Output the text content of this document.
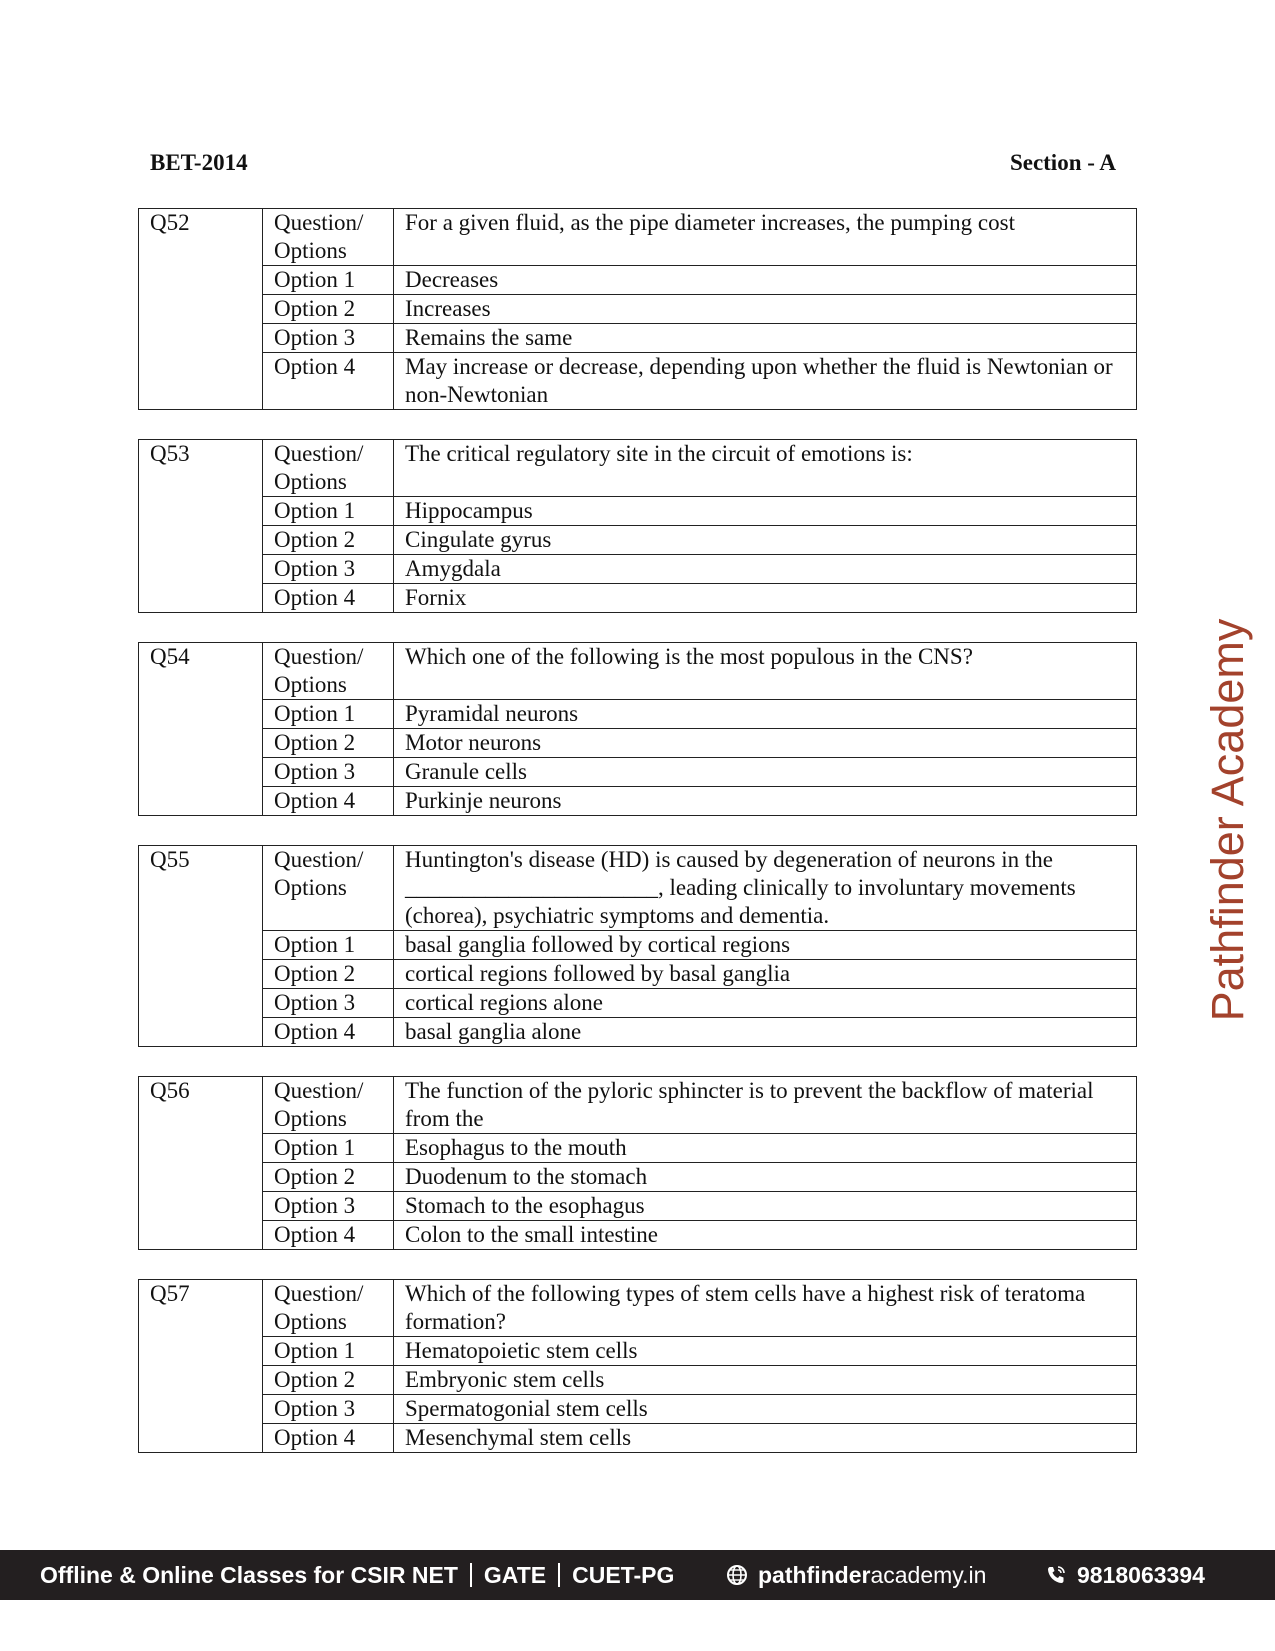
BET-2014	Section - A
Q52	Question/ Options	For a given fluid, as the pipe diameter increases, the pumping cost
	Option 1	Decreases
	Option 2	Increases
	Option 3	Remains the same
	Option 4	May increase or decrease, depending upon whether the fluid is Newtonian or non-Newtonian
Q53	Question/ Options	The critical regulatory site in the circuit of emotions is:
	Option 1	Hippocampus
	Option 2	Cingulate gyrus
	Option 3	Amygdala
	Option 4	Fornix
Q54	Question/ Options	Which one of the following is the most populous in the CNS?
	Option 1	Pyramidal neurons
	Option 2	Motor neurons
	Option 3	Granule cells
	Option 4	Purkinje neurons
Q55	Question/ Options	Huntington's disease (HD) is caused by degeneration of neurons in the ______________________, leading clinically to involuntary movements (chorea), psychiatric symptoms and dementia.
	Option 1	basal ganglia followed by cortical regions
	Option 2	cortical regions followed by basal ganglia
	Option 3	cortical regions alone
	Option 4	basal ganglia alone
Q56	Question/ Options	The function of the pyloric sphincter is to prevent the backflow of material from the
	Option 1	Esophagus to the mouth
	Option 2	Duodenum to the stomach
	Option 3	Stomach to the esophagus
	Option 4	Colon to the small intestine
Q57	Question/ Options	Which of the following types of stem cells have a highest risk of teratoma formation?
	Option 1	Hematopoietic stem cells
	Option 2	Embryonic stem cells
	Option 3	Spermatogonial stem cells
	Option 4	Mesenchymal stem cells
Pathfinder Academy
Offline & Online Classes for CSIR NET GATE CUET-PG	pathfinder academy.in	9818063394
